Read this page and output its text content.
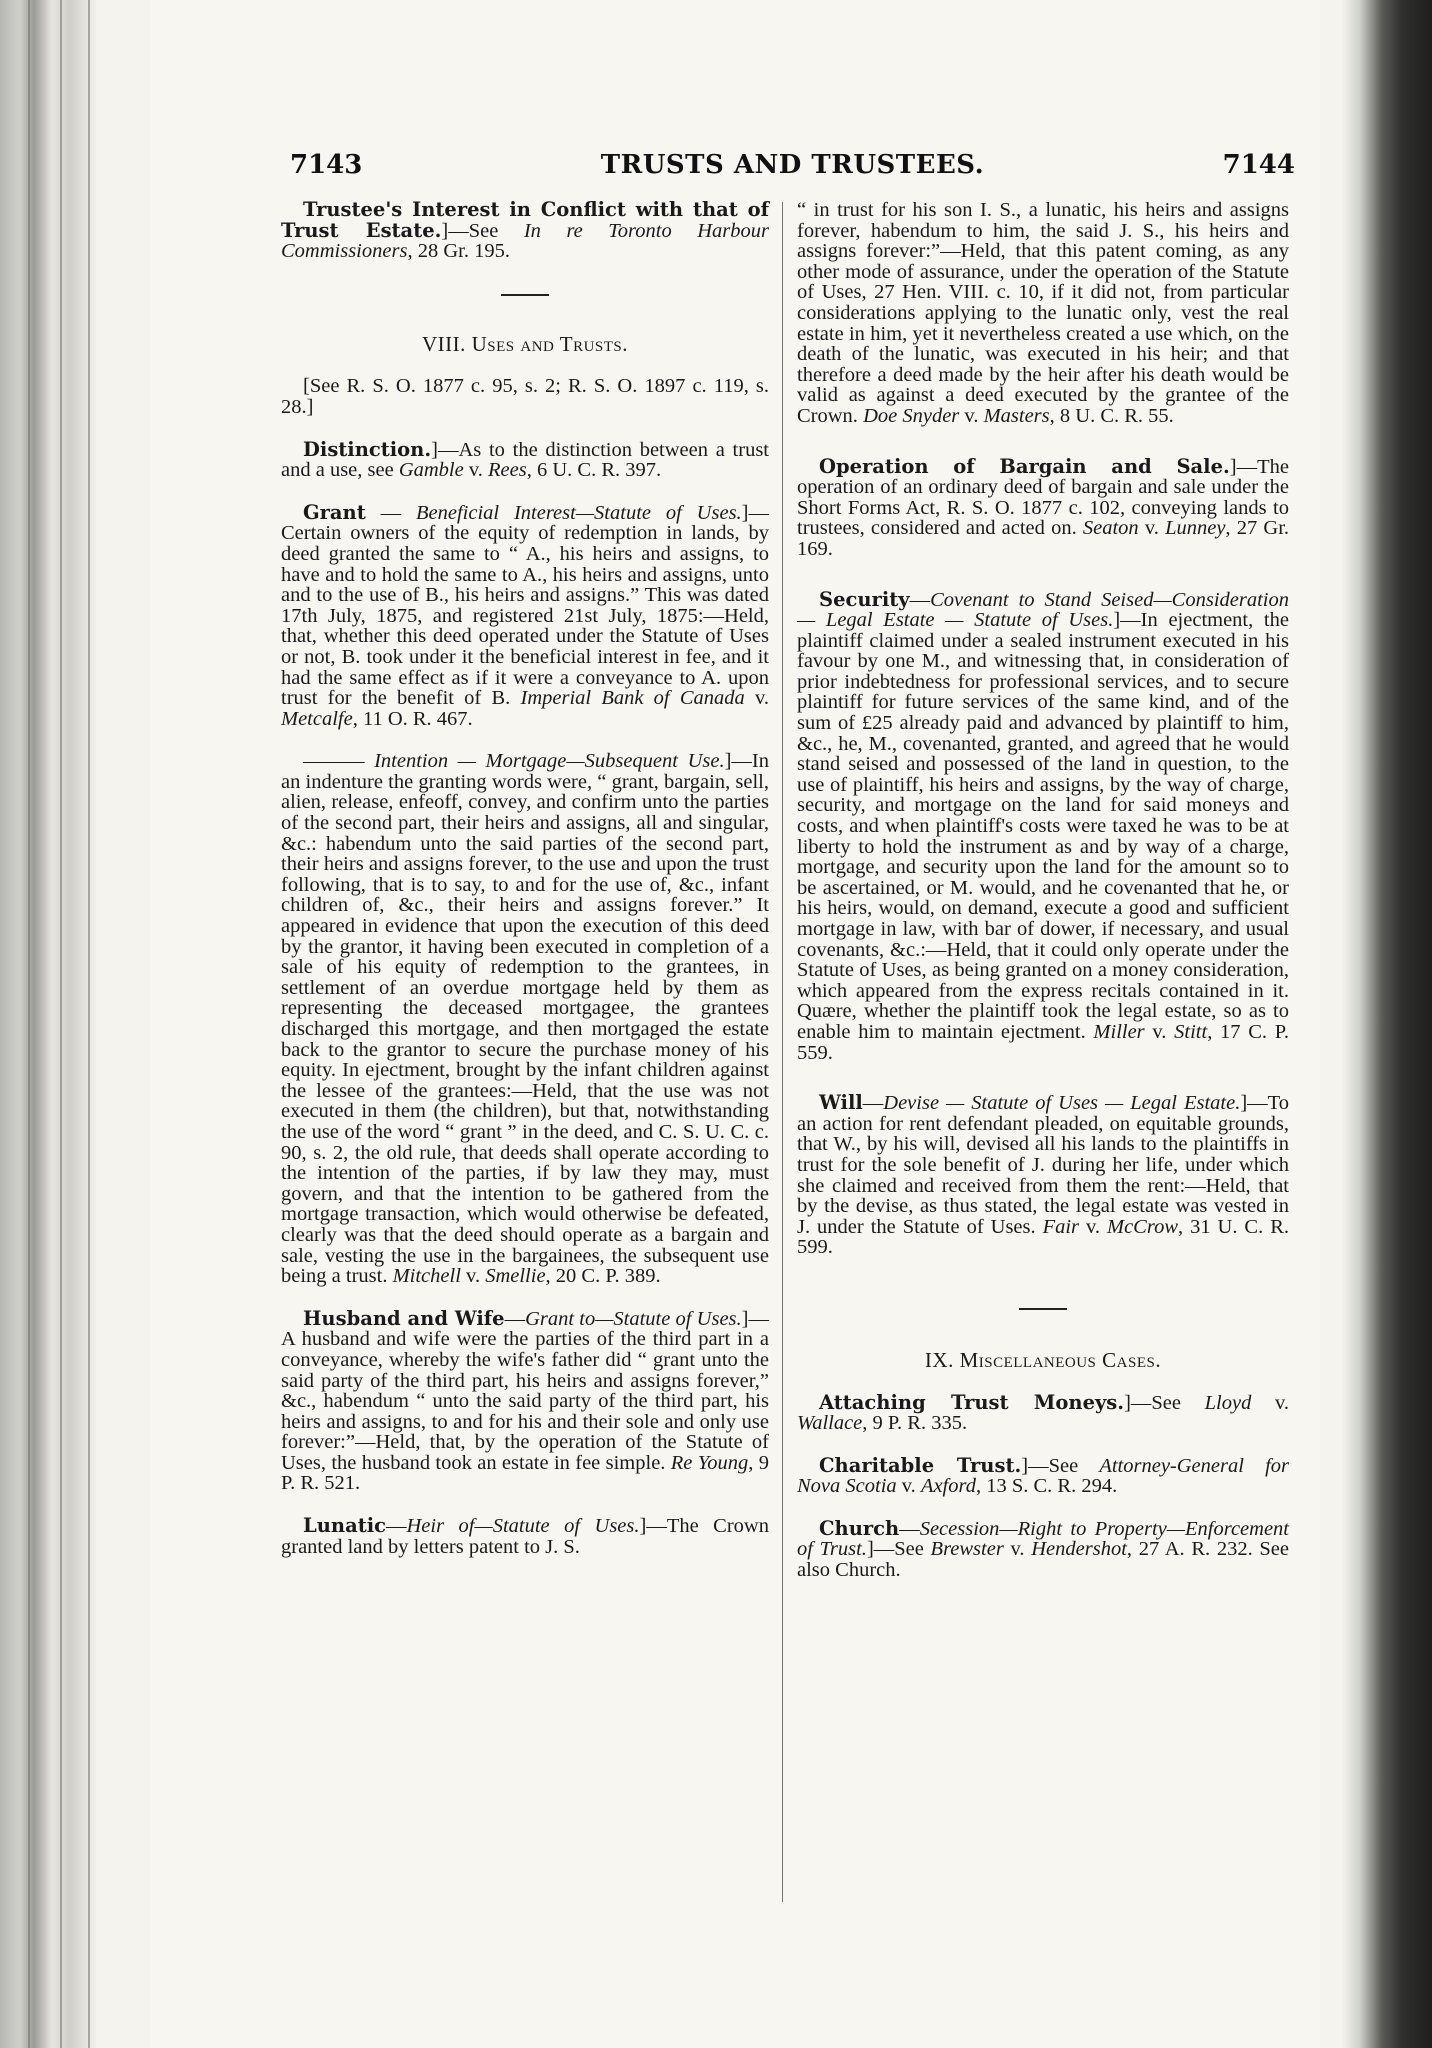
7143	TRUSTS AND TRUSTEES.	7144

Trustee's Interest in Conflict with that of Trust Estate.]—See In re Toronto Harbour Commissioners, 28 Gr. 195.

VIII. Uses and Trusts.

[See R. S. O. 1877 c. 95, s. 2; R. S. O. 1897 c. 119, s. 28.]

Distinction.]—As to the distinction between a trust and a use, see Gamble v. Rees, 6 U. C. R. 397.

Grant — Beneficial Interest—Statute of Uses.]—Certain owners of the equity of redemption in lands, by deed granted the same to “ A., his heirs and assigns, to have and to hold the same to A., his heirs and assigns, unto and to the use of B., his heirs and assigns.” This was dated 17th July, 1875, and registered 21st July, 1875:—Held, that, whether this deed operated under the Statute of Uses or not, B. took under it the beneficial interest in fee, and it had the same effect as if it were a conveyance to A. upon trust for the benefit of B. Imperial Bank of Canada v. Metcalfe, 11 O. R. 467.

——— Intention — Mortgage—Subsequent Use.]—In an indenture the granting words were, “ grant, bargain, sell, alien, release, enfeoff, convey, and confirm unto the parties of the second part, their heirs and assigns, all and singular, &c.: habendum unto the said parties of the second part, their heirs and assigns forever, to the use and upon the trust following, that is to say, to and for the use of, &c., infant children of, &c., their heirs and assigns forever.” It appeared in evidence that upon the execution of this deed by the grantor, it having been executed in completion of a sale of his equity of redemption to the grantees, in settlement of an overdue mortgage held by them as representing the deceased mortgagee, the grantees discharged this mortgage, and then mortgaged the estate back to the grantor to secure the purchase money of his equity. In ejectment, brought by the infant children against the lessee of the grantees:—Held, that the use was not executed in them (the children), but that, notwithstanding the use of the word “ grant ” in the deed, and C. S. U. C. c. 90, s. 2, the old rule, that deeds shall operate according to the intention of the parties, if by law they may, must govern, and that the intention to be gathered from the mortgage transaction, which would otherwise be defeated, clearly was that the deed should operate as a bargain and sale, vesting the use in the bargainees, the subsequent use being a trust. Mitchell v. Smellie, 20 C. P. 389.

Husband and Wife—Grant to—Statute of Uses.]—A husband and wife were the parties of the third part in a conveyance, whereby the wife's father did “ grant unto the said party of the third part, his heirs and assigns forever,” &c., habendum “ unto the said party of the third part, his heirs and assigns, to and for his and their sole and only use forever:”—Held, that, by the operation of the Statute of Uses, the husband took an estate in fee simple. Re Young, 9 P. R. 521.

Lunatic—Heir of—Statute of Uses.]—The Crown granted land by letters patent to J. S.

“ in trust for his son I. S., a lunatic, his heirs and assigns forever, habendum to him, the said J. S., his heirs and assigns forever:”—Held, that this patent coming, as any other mode of assurance, under the operation of the Statute of Uses, 27 Hen. VIII. c. 10, if it did not, from particular considerations applying to the lunatic only, vest the real estate in him, yet it nevertheless created a use which, on the death of the lunatic, was executed in his heir; and that therefore a deed made by the heir after his death would be valid as against a deed executed by the grantee of the Crown. Doe Snyder v. Masters, 8 U. C. R. 55.

Operation of Bargain and Sale.]—The operation of an ordinary deed of bargain and sale under the Short Forms Act, R. S. O. 1877 c. 102, conveying lands to trustees, considered and acted on. Seaton v. Lunney, 27 Gr. 169.

Security—Covenant to Stand Seised—Consideration — Legal Estate — Statute of Uses.]—In ejectment, the plaintiff claimed under a sealed instrument executed in his favour by one M., and witnessing that, in consideration of prior indebtedness for professional services, and to secure plaintiff for future services of the same kind, and of the sum of £25 already paid and advanced by plaintiff to him, &c., he, M., covenanted, granted, and agreed that he would stand seised and possessed of the land in question, to the use of plaintiff, his heirs and assigns, by the way of charge, security, and mortgage on the land for said moneys and costs, and when plaintiff's costs were taxed he was to be at liberty to hold the instrument as and by way of a charge, mortgage, and security upon the land for the amount so to be ascertained, or M. would, and he covenanted that he, or his heirs, would, on demand, execute a good and sufficient mortgage in law, with bar of dower, if necessary, and usual covenants, &c.:—Held, that it could only operate under the Statute of Uses, as being granted on a money consideration, which appeared from the express recitals contained in it. Quære, whether the plaintiff took the legal estate, so as to enable him to maintain ejectment. Miller v. Stitt, 17 C. P. 559.

Will—Devise — Statute of Uses — Legal Estate.]—To an action for rent defendant pleaded, on equitable grounds, that W., by his will, devised all his lands to the plaintiffs in trust for the sole benefit of J. during her life, under which she claimed and received from them the rent:—Held, that by the devise, as thus stated, the legal estate was vested in J. under the Statute of Uses. Fair v. McCrow, 31 U. C. R. 599.

IX. Miscellaneous Cases.

Attaching Trust Moneys.]—See Lloyd v. Wallace, 9 P. R. 335.

Charitable Trust.]—See Attorney-General for Nova Scotia v. Axford, 13 S. C. R. 294.

Church—Secession—Right to Property—Enforcement of Trust.]—See Brewster v. Hendershot, 27 A. R. 232. See also Church.
